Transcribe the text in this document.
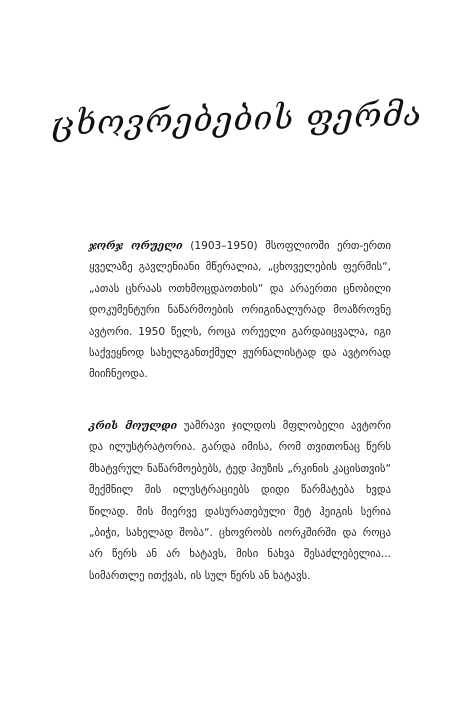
ცხოვრებების ფერმა
ჯორჯ ორუელი (1903–1950) მსოფლიოში ერთ-ერთი ყველაზე გავლენიანი მწერალია, „ცხოველების ფერმის“, „ათას ცხრაას ოთხმოცდაოთხის“ და არაერთი ცნობილი დოკუმენტური ნაწარმოების ორიგინალურად მოაზროვნე ავტორი. 1950 წელს, როცა ორუელი გარდაიცვალა, იგი საქვეყნოდ სახელგანთქმულ ჟურნალისტად და ავტორად მიიჩნეოდა.
კრის მოულდი უამრავი ჯილდოს მფლობელი ავტორი და ილუსტრატორია. გარდა იმისა, რომ თვითონაც წერს მხატვრულ ნაწარმოებებს, ტედ ჰიუზის „რკინის კაცისთვის“ შექმნილ მის ილუსტრაციებს დიდი წარმატება ხვდა წილად. მის მიერვე დასურათებული მეტ ჰეიგის სერია „ბიჭი, სახელად შობა“. ცხოვრობს იორკშირში და როცა არ წერს ან არ ხატავს, მისი ნახვა შესაძლებელია... სიმართლე ითქვას, ის სულ წერს ან ხატავს.
